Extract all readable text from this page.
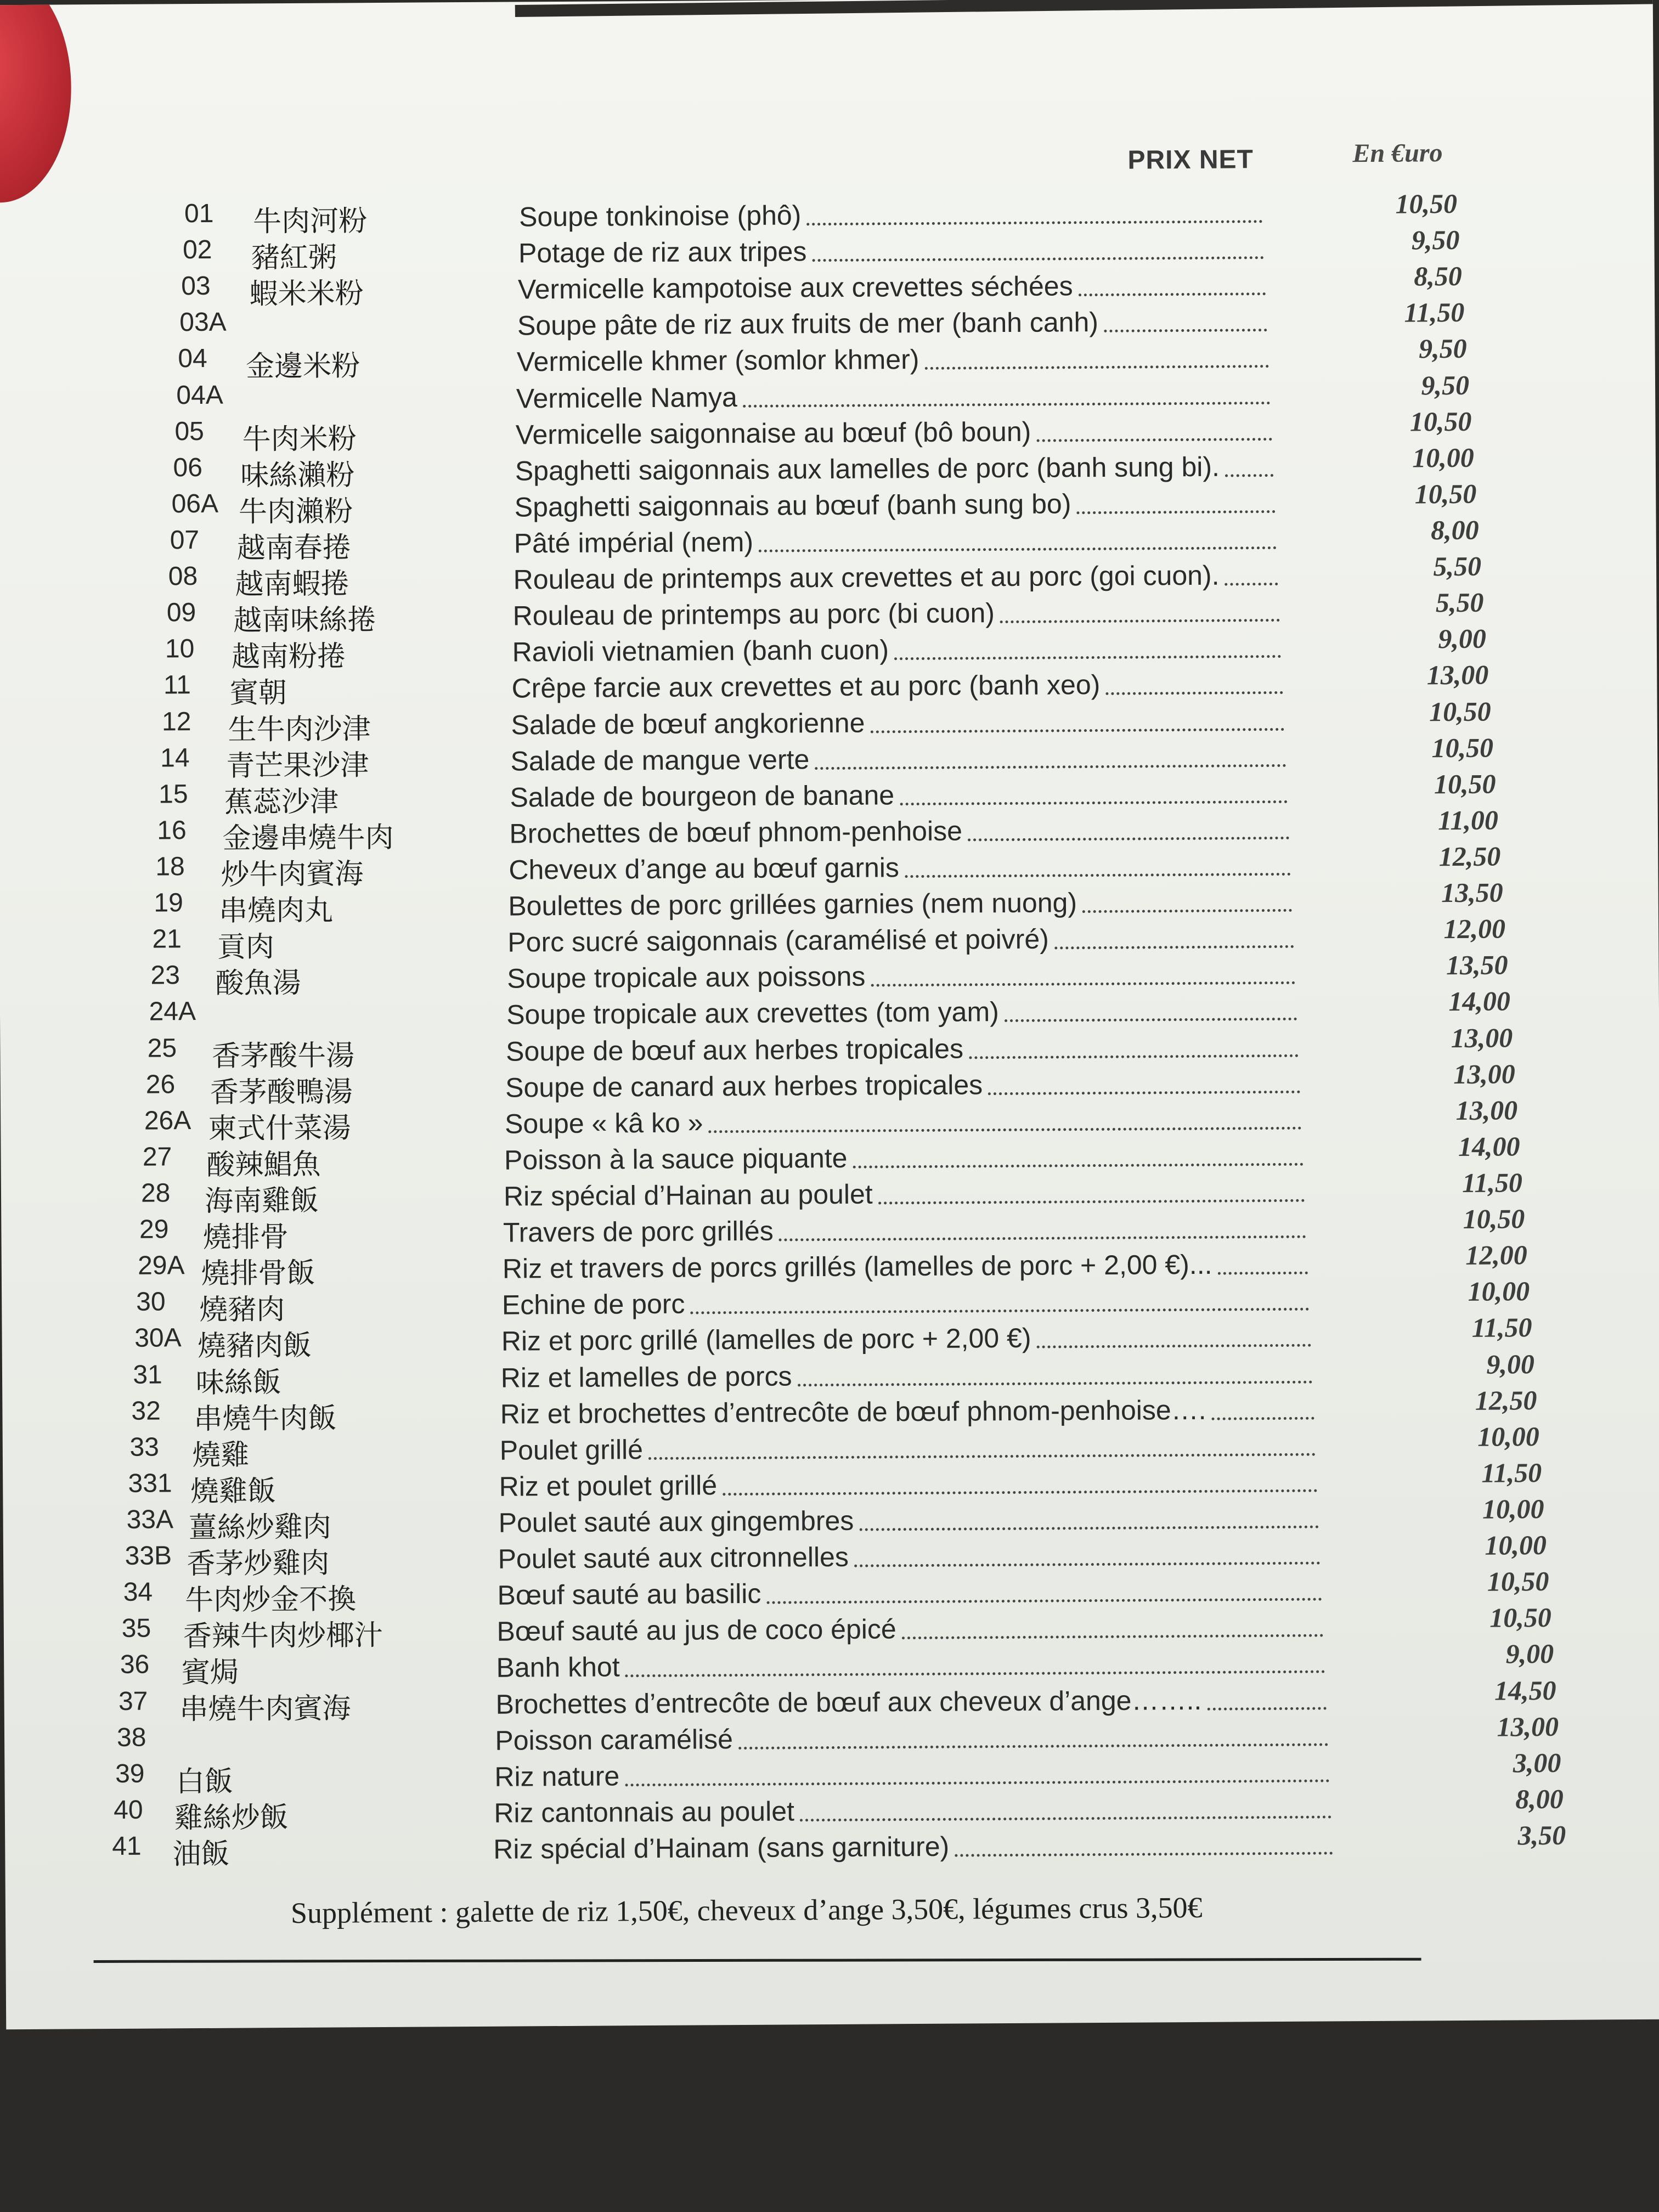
PRIX NET	En €uro
01 牛肉河粉	Soupe tonkinoise (phô)	10,50
02 豬紅粥	Potage de riz aux tripes	9,50
03 蝦米米粉	Vermicelle kampotoise aux crevettes séchées	8,50
03A	Soupe pâte de riz aux fruits de mer (banh canh)	11,50
04 金邊米粉	Vermicelle khmer (somlor khmer)	9,50
04A	Vermicelle Namya	9,50
05 牛肉米粉	Vermicelle saigonnaise au bœuf (bô boun)	10,50
06 味絲瀨粉	Spaghetti saigonnais aux lamelles de porc (banh sung bi).	10,00
06A 牛肉瀨粉	Spaghetti saigonnais au bœuf (banh sung bo)	10,50
07 越南春捲	Pâté impérial (nem)	8,00
08 越南蝦捲	Rouleau de printemps aux crevettes et au porc (goi cuon).	5,50
09 越南味絲捲	Rouleau de printemps au porc (bi cuon)	5,50
10 越南粉捲	Ravioli vietnamien (banh cuon)	9,00
11 賓朝	Crêpe farcie aux crevettes et au porc (banh xeo)	13,00
12 生牛肉沙津	Salade de bœuf angkorienne	10,50
14 青芒果沙津	Salade de mangue verte	10,50
15 蕉蕊沙津	Salade de bourgeon de banane	10,50
16 金邊串燒牛肉	Brochettes de bœuf phnom-penhoise	11,00
18 炒牛肉賓海	Cheveux d’ange au bœuf garnis	12,50
19 串燒肉丸	Boulettes de porc grillées garnies (nem nuong)	13,50
21 貢肉	Porc sucré saigonnais (caramélisé et poivré)	12,00
23 酸魚湯	Soupe tropicale aux poissons	13,50
24A	Soupe tropicale aux crevettes (tom yam)	14,00
25 香茅酸牛湯	Soupe de bœuf aux herbes tropicales	13,00
26 香茅酸鴨湯	Soupe de canard aux herbes tropicales	13,00
26A 柬式什菜湯	Soupe « kâ ko »	13,00
27 酸辣鯧魚	Poisson à la sauce piquante	14,00
28 海南雞飯	Riz spécial d’Hainan au poulet	11,50
29 燒排骨	Travers de porc grillés	10,50
29A 燒排骨飯	Riz et travers de porcs grillés (lamelles de porc + 2,00 €)...	12,00
30 燒豬肉	Echine de porc	10,00
30A 燒豬肉飯	Riz et porc grillé (lamelles de porc + 2,00 €)	11,50
31 味絲飯	Riz et lamelles de porcs	9,00
32 串燒牛肉飯	Riz et brochettes d’entrecôte de bœuf phnom-penhoise….	12,50
33 燒雞	Poulet grillé	10,00
331 燒雞飯	Riz et poulet grillé	11,50
33A 薑絲炒雞肉	Poulet sauté aux gingembres	10,00
33B 香茅炒雞肉	Poulet sauté aux citronnelles	10,00
34 牛肉炒金不換	Bœuf sauté au basilic	10,50
35 香辣牛肉炒椰汁	Bœuf sauté au jus de coco épicé	10,50
36 賓焗	Banh khot	9,00
37 串燒牛肉賓海	Brochettes d’entrecôte de bœuf aux cheveux d’ange……..	14,50
38	Poisson caramélisé	13,00
39 白飯	Riz nature	3,00
40 雞絲炒飯	Riz cantonnais au poulet	8,00
41 油飯	Riz spécial d’Hainam (sans garniture)	3,50
Supplément : galette de riz 1,50€, cheveux d’ange 3,50€, légumes crus 3,50€
